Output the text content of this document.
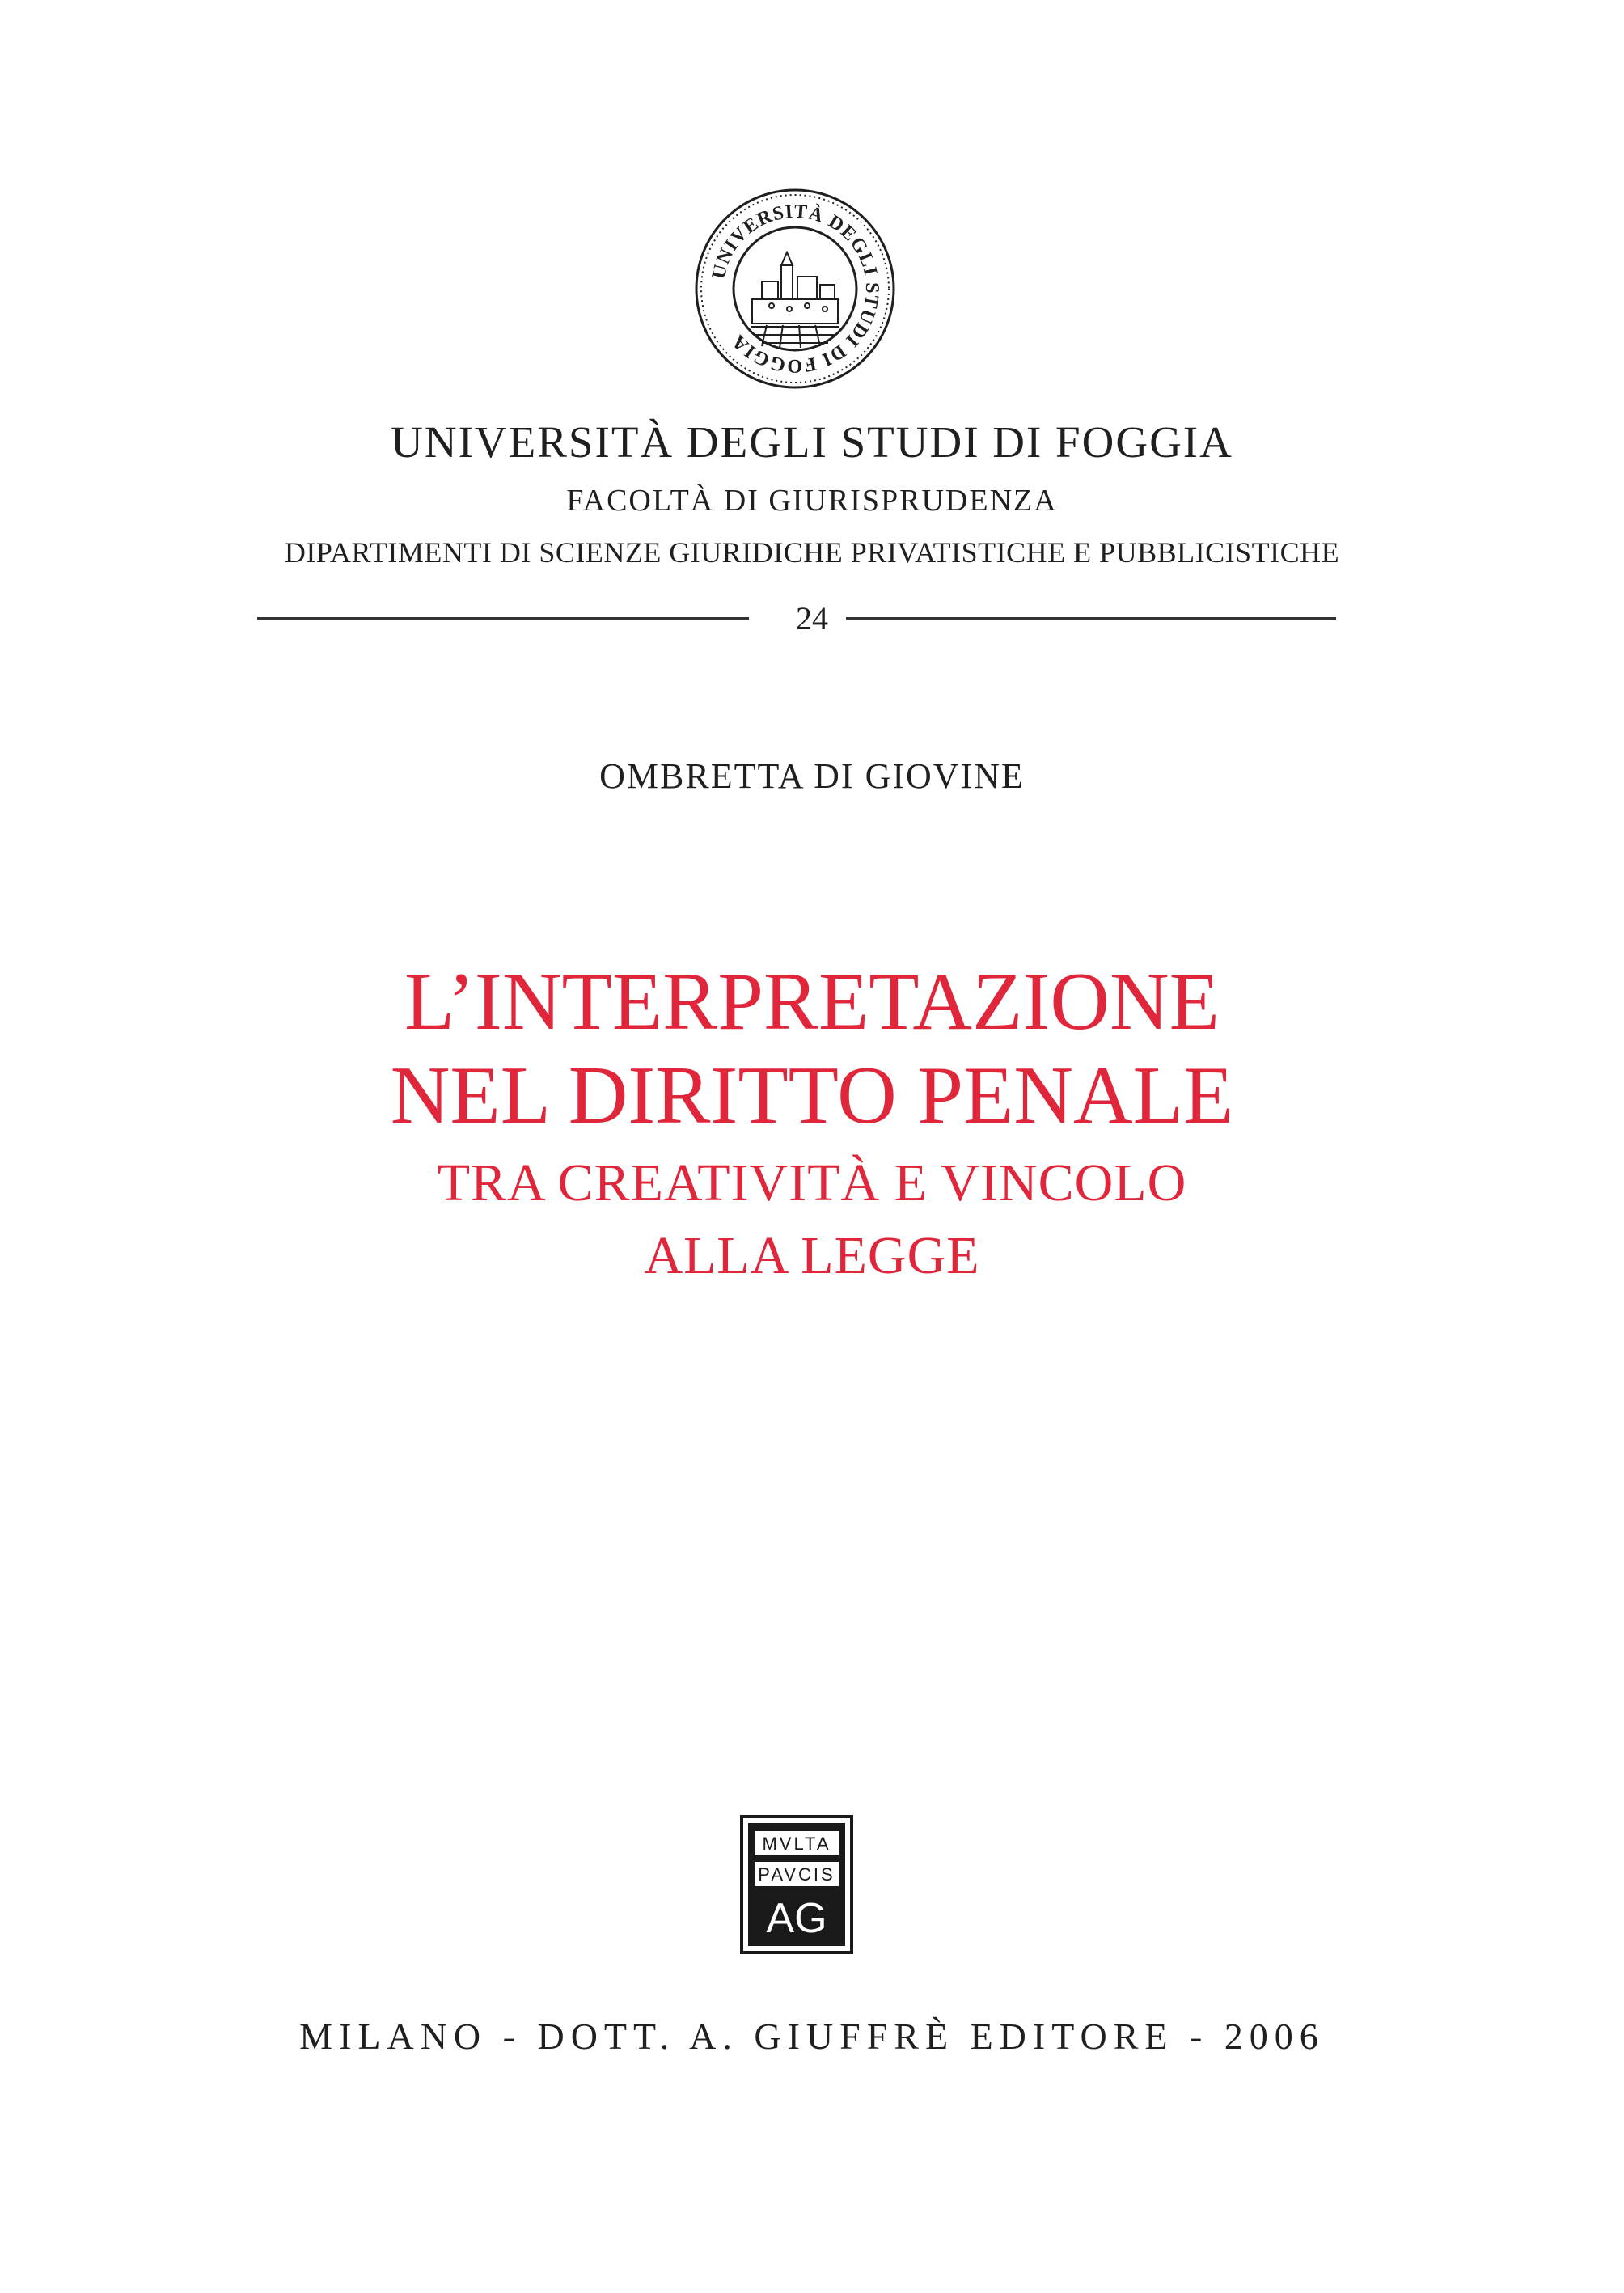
UNIVERSITÀ DEGLI STUDI DI FOGGIA
UNIVERSITÀ DEGLI STUDI DI FOGGIA
FACOLTÀ DI GIURISPRUDENZA
DIPARTIMENTI DI SCIENZE GIURIDICHE PRIVATISTICHE E PUBBLICISTICHE
24
OMBRETTA DI GIOVINE
L’INTERPRETAZIONE
NEL DIRITTO PENALE
TRA CREATIVITÀ E VINCOLO
ALLA LEGGE
MVLTA
PAVCIS
AG
MILANO - DOTT. A. GIUFFRÈ EDITORE - 2006
